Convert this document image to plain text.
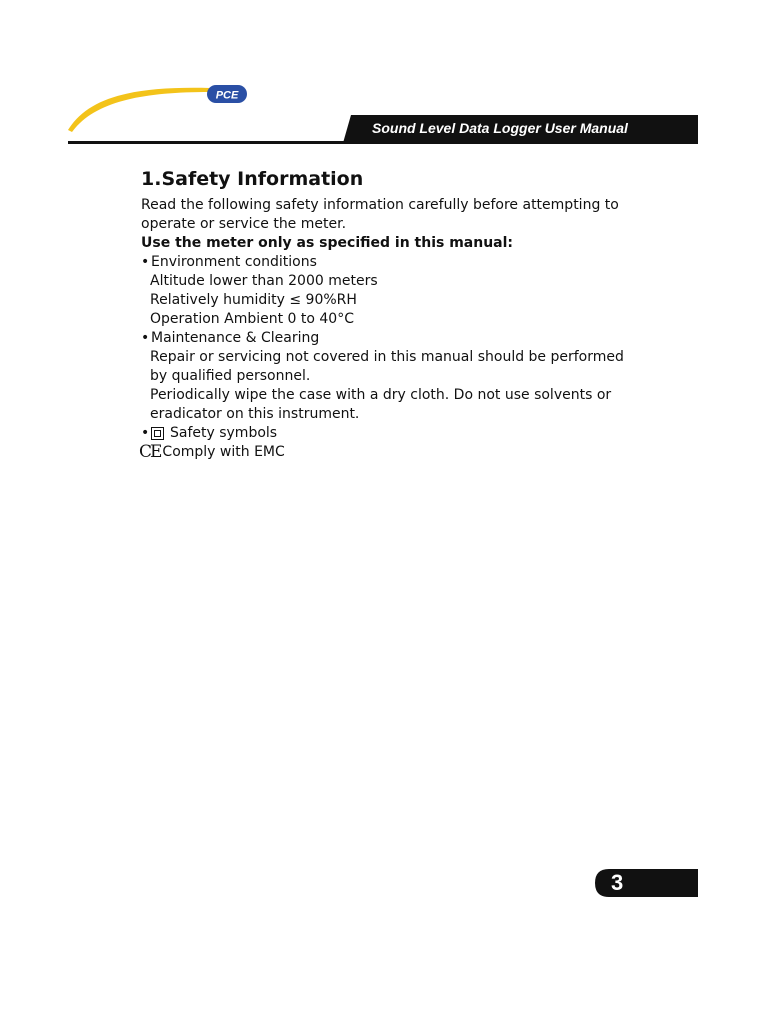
PCE
Sound Level Data Logger User Manual
1.Safety Information
Read the following safety information carefully before attempting to
operate or service the meter.
Use the meter only as specified in this manual:
• Environment conditions
Altitude lower than 2000 meters
Relatively humidity ≤ 90%RH
Operation Ambient 0 to 40°C
• Maintenance & Clearing
Repair or servicing not covered in this manual should be performed
by qualified personnel.
Periodically wipe the case with a dry cloth. Do not use solvents or
eradicator on this instrument.
• Safety symbols
CE Comply with EMC
3
